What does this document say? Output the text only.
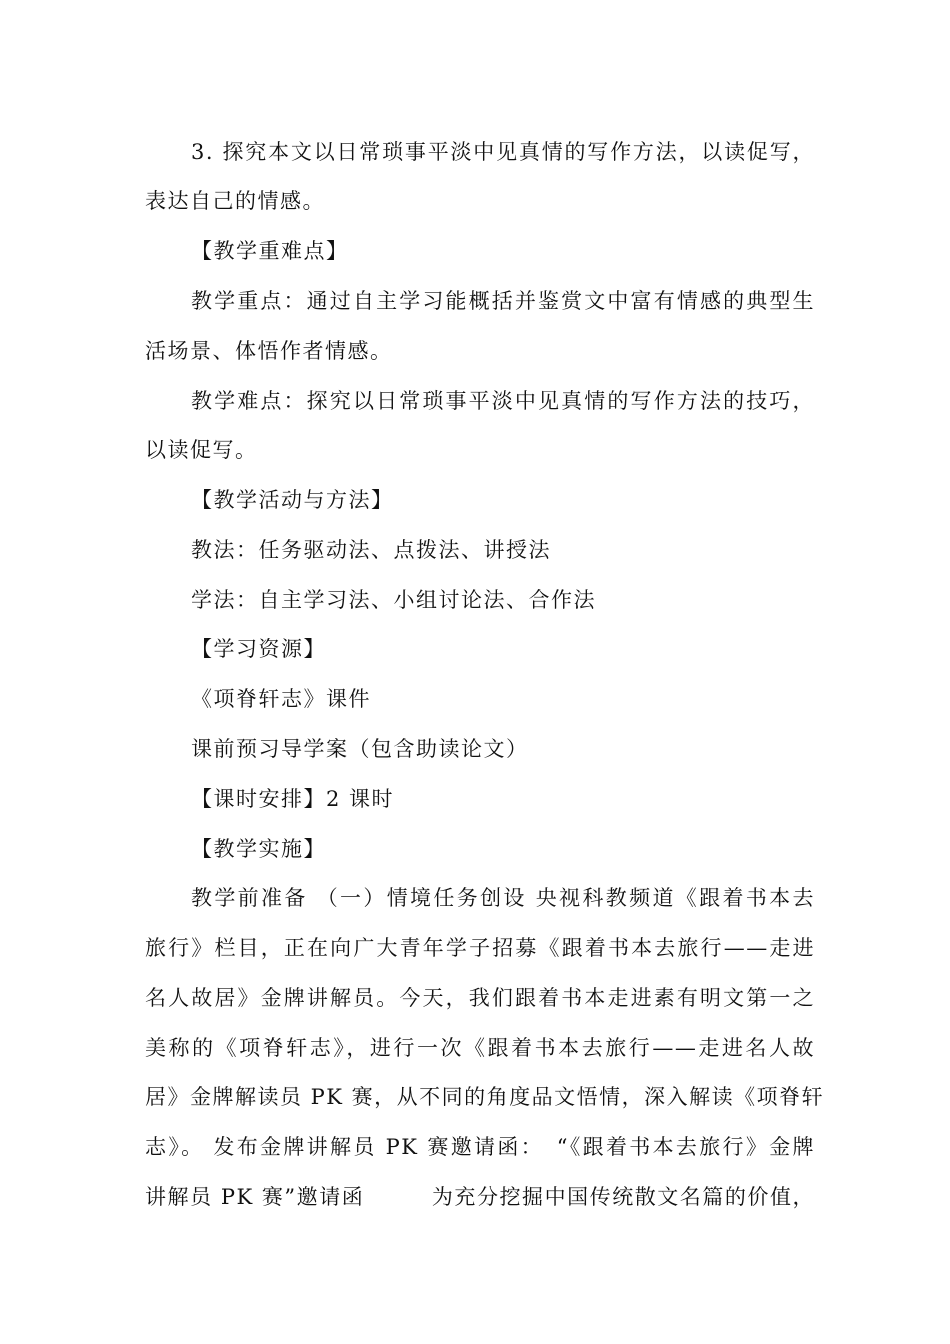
3. 探究本文以日常琐事平淡中见真情的写作方法，以读促写，
表达自己的情感。
【教学重难点】
教学重点：通过自主学习能概括并鉴赏文中富有情感的典型生
活场景、体悟作者情感。
教学难点：探究以日常琐事平淡中见真情的写作方法的技巧，
以读促写。
【教学活动与方法】
教法：任务驱动法、点拨法、讲授法
学法：自主学习法、小组讨论法、合作法
【学习资源】
《项脊轩志》课件
课前预习导学案（包含助读论文）
【课时安排】2 课时
【教学实施】
教学前准备 （一）情境任务创设 央视科教频道《跟着书本去
旅行》栏目，正在向广大青年学子招募《跟着书本去旅行——走进
名人故居》金牌讲解员。今天，我们跟着书本走进素有明文第一之
美称的《项脊轩志》，进行一次《跟着书本去旅行——走进名人故
居》金牌解读员 PK 赛，从不同的角度品文悟情，深入解读《项脊轩
志》。 发布金牌讲解员 PK 赛邀请函：　“《跟着书本去旅行》金牌
讲解员 PK 赛”邀请函　　　为充分挖掘中国传统散文名篇的价值，
